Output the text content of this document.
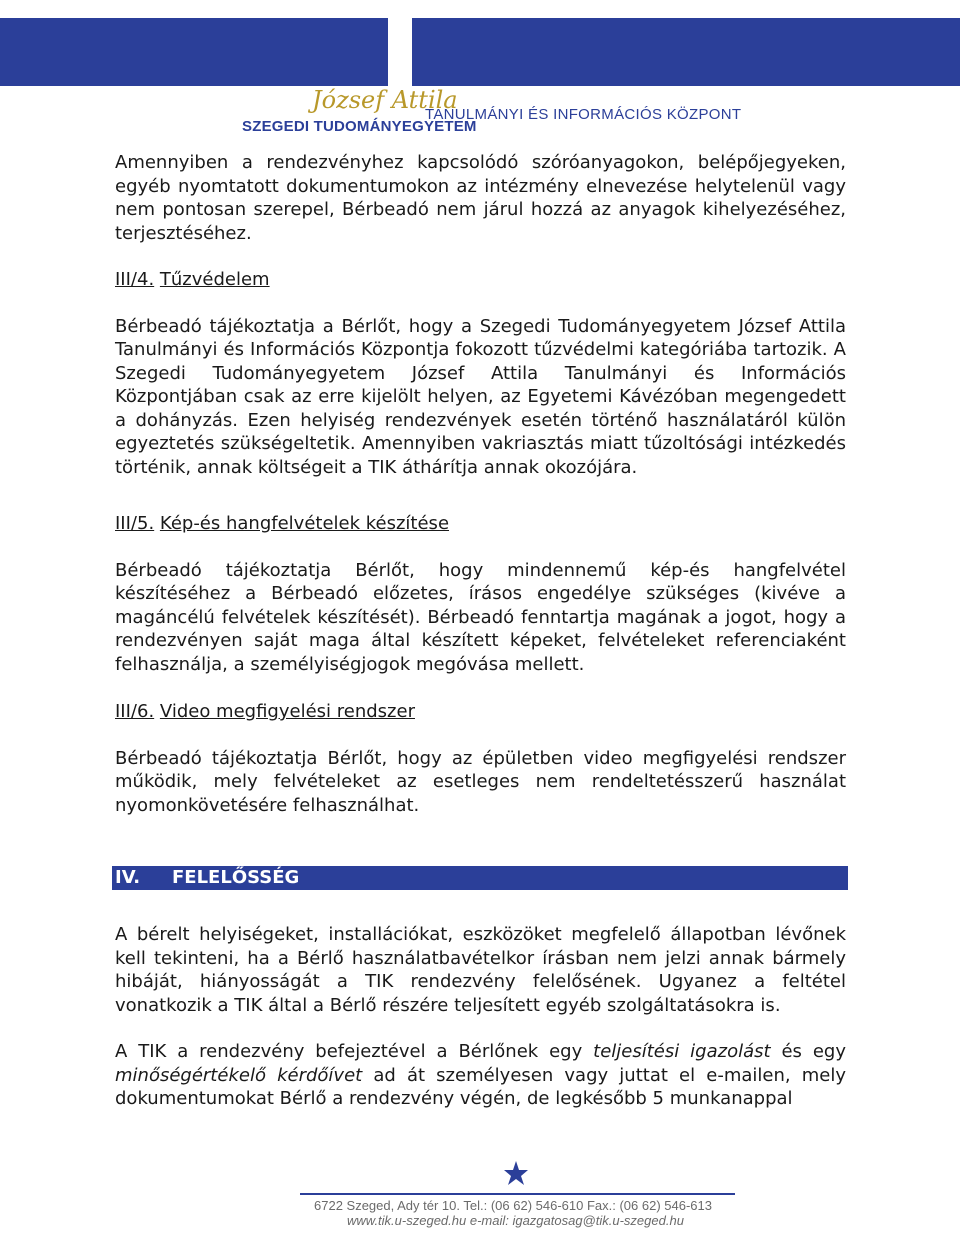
József Attila
TANULMÁNYI ÉS INFORMÁCIÓS KÖZPONT
SZEGEDI TUDOMÁNYEGYETEM

Amennyiben a rendezvényhez kapcsolódó szóróanyagokon, belépőjegyeken, egyéb nyomtatott dokumentumokon az intézmény elnevezése helytelenül vagy nem pontosan szerepel, Bérbeadó nem járul hozzá az anyagok kihelyezéséhez, terjesztéséhez.

III/4. Tűzvédelem

Bérbeadó tájékoztatja a Bérlőt, hogy a Szegedi Tudományegyetem József Attila Tanulmányi és Információs Központja fokozott tűzvédelmi kategóriába tartozik. A Szegedi Tudományegyetem József Attila Tanulmányi és Információs Központjában csak az erre kijelölt helyen, az Egyetemi Kávézóban megengedett a dohányzás. Ezen helyiség rendezvények esetén történő használatáról külön egyeztetés szükségeltetik. Amennyiben vakriasztás miatt tűzoltósági intézkedés történik, annak költségeit a TIK áthárítja annak okozójára.

III/5. Kép-és hangfelvételek készítése

Bérbeadó tájékoztatja Bérlőt, hogy mindennemű kép-és hangfelvétel készítéséhez a Bérbeadó előzetes, írásos engedélye szükséges (kivéve a magáncélú felvételek készítését). Bérbeadó fenntartja magának a jogot, hogy a rendezvényen saját maga által készített képeket, felvételeket referenciaként felhasználja, a személyiségjogok megóvása mellett.

III/6. Video megfigyelési rendszer

Bérbeadó tájékoztatja Bérlőt, hogy az épületben video megfigyelési rendszer működik, mely felvételeket az esetleges nem rendeltetésszerű használat nyomonkövetésére felhasználhat.

IV. FELELŐSSÉG

A bérelt helyiségeket, installációkat, eszközöket megfelelő állapotban lévőnek kell tekinteni, ha a Bérlő használatbavételkor írásban nem jelzi annak bármely hibáját, hiányosságát a TIK rendezvény felelősének. Ugyanez a feltétel vonatkozik a TIK által a Bérlő részére teljesített egyéb szolgáltatásokra is.

A TIK a rendezvény befejeztével a Bérlőnek egy teljesítési igazolást és egy minőségértékelő kérdőívet ad át személyesen vagy juttat el e-mailen, mely dokumentumokat Bérlő a rendezvény végén, de legkésőbb 5 munkanappal

6722 Szeged, Ady tér 10. Tel.: (06 62) 546-610 Fax.: (06 62) 546-613
www.tik.u-szeged.hu e-mail: igazgatosag@tik.u-szeged.hu
